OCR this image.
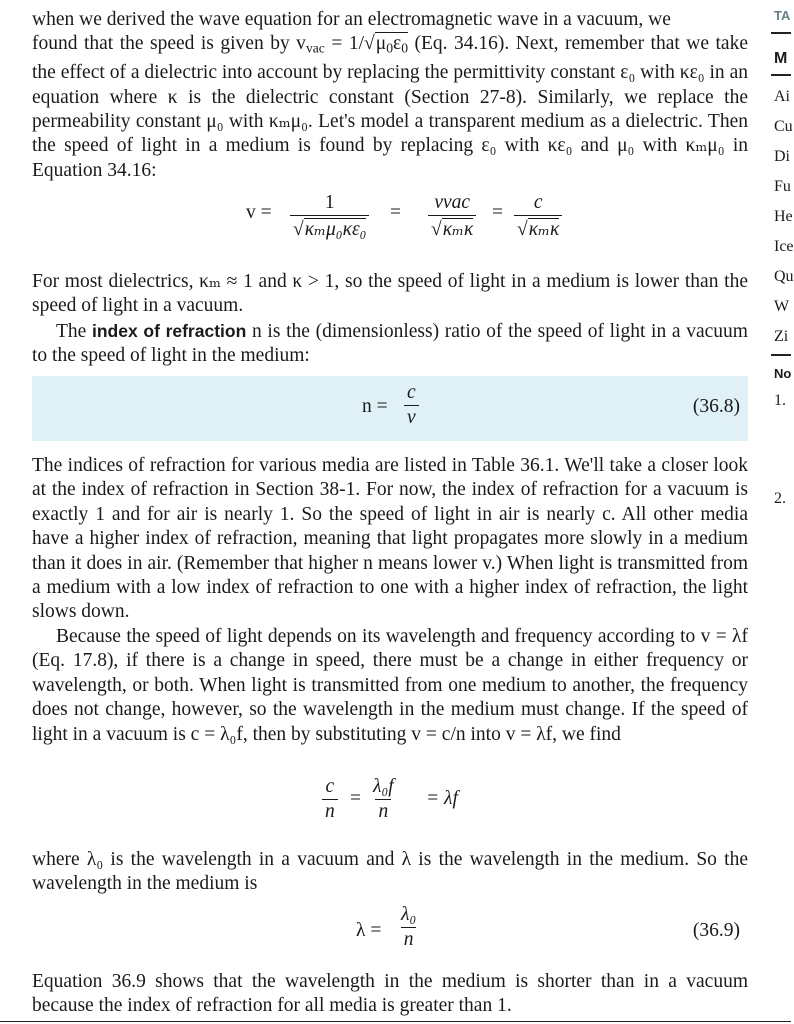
when we derived the wave equation for an electromagnetic wave in a vacuum, we
found that the speed is given by $v_{vac} = 1/√\mu_0\varepsilon_0$ (Eq. 34.16). Next, remember that we take the effect of a dielectric into account by replacing the permittivity constant ε₀ with κε₀ in an equation where κ is the dielectric constant (Section 27-8). Similarly, we replace the permeability constant μ₀ with κₘμ₀. Let's model a transparent medium as a dielectric. Then the speed of light in a medium is found by replacing ε₀ with κε₀ and μ₀ with κₘμ₀ in Equation 34.16:
$v = \frac{1}{\text{√κₘμ₀κε₀}} = \frac{\text{vvac}}{\text{√κₘκ}} = \frac{c}{\text{√κₘκ}}$
For most dielectrics, κₘ ≈ 1 and κ > 1, so the speed of light in a medium is lower than the speed of light in a vacuum.
The index of refraction n is the (dimensionless) ratio of the speed of light in a vacuum to the speed of light in the medium:
$n = \frac{c}{v}$	(36.8)
The indices of refraction for various media are listed in Table 36.1. We'll take a closer look at the index of refraction in Section 38-1. For now, the index of refraction for a vacuum is exactly 1 and for air is nearly 1. So the speed of light in air is nearly c. All other media have a higher index of refraction, meaning that light propagates more slowly in a medium than it does in air. (Remember that higher n means lower v.) When light is transmitted from a medium with a low index of refraction to one with a higher index of refraction, the light slows down.
Because the speed of light depends on its wavelength and frequency according to v = λf (Eq. 17.8), if there is a change in speed, there must be a change in either frequency or wavelength, or both. When light is transmitted from one medium to another, the frequency does not change, however, so the wavelength in the medium must change. If the speed of light in a vacuum is c = λ₀f, then by substituting v = c/n into v = λf, we find
$\frac{c}{n} = \frac{\text{λ₀f}}{n} = \lambda f$
where λ₀ is the wavelength in a vacuum and λ is the wavelength in the medium. So the wavelength in the medium is
$\lambda = \frac{\text{λ₀}}{n}$	(36.9)
Equation 36.9 shows that the wavelength in the medium is shorter than in a vacuum because the index of refraction for all media is greater than 1.
TA
M
Ai
Cu
Di
Fu
He
Ice
Qu
W
Zi
No
1.
2.
